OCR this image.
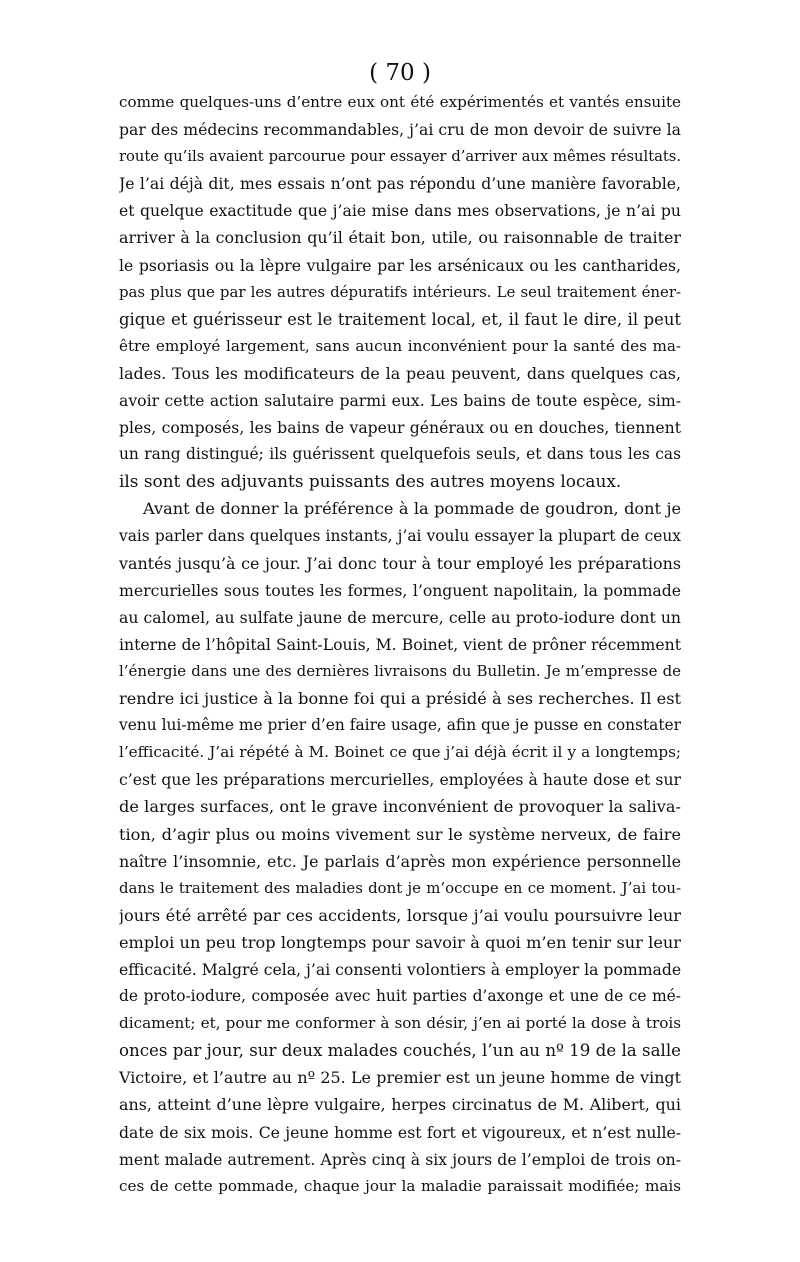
( 70 )
comme quelques-uns d’entre eux ont été expérimentés et vantés ensuite
par des médecins recommandables, j’ai cru de mon devoir de suivre la
route qu’ils avaient parcourue pour essayer d’arriver aux mêmes résultats.
Je l’ai déjà dit, mes essais n’ont pas répondu d’une manière favorable,
et quelque exactitude que j’aie mise dans mes observations, je n’ai pu
arriver à la conclusion qu’il était bon, utile, ou raisonnable de traiter
le psoriasis ou la lèpre vulgaire par les arsénicaux ou les cantharides,
pas plus que par les autres dépuratifs intérieurs. Le seul traitement éner-
gique et guérisseur est le traitement local, et, il faut le dire, il peut
être employé largement, sans aucun inconvénient pour la santé des ma-
lades. Tous les modificateurs de la peau peuvent, dans quelques cas,
avoir cette action salutaire parmi eux. Les bains de toute espèce, sim-
ples, composés, les bains de vapeur généraux ou en douches, tiennent
un rang distingué; ils guérissent quelquefois seuls, et dans tous les cas
ils sont des adjuvants puissants des autres moyens locaux.
Avant de donner la préférence à la pommade de goudron, dont je
vais parler dans quelques instants, j’ai voulu essayer la plupart de ceux
vantés jusqu’à ce jour. J’ai donc tour à tour employé les préparations
mercurielles sous toutes les formes, l’onguent napolitain, la pommade
au calomel, au sulfate jaune de mercure, celle au proto-iodure dont un
interne de l’hôpital Saint-Louis, M. Boinet, vient de prôner récemment
l’énergie dans une des dernières livraisons du Bulletin. Je m’empresse de
rendre ici justice à la bonne foi qui a présidé à ses recherches. Il est
venu lui-même me prier d’en faire usage, afin que je pusse en constater
l’efficacité. J’ai répété à M. Boinet ce que j’ai déjà écrit il y a longtemps;
c’est que les préparations mercurielles, employées à haute dose et sur
de larges surfaces, ont le grave inconvénient de provoquer la saliva-
tion, d’agir plus ou moins vivement sur le système nerveux, de faire
naître l’insomnie, etc. Je parlais d’après mon expérience personnelle
dans le traitement des maladies dont je m’occupe en ce moment. J’ai tou-
jours été arrêté par ces accidents, lorsque j’ai voulu poursuivre leur
emploi un peu trop longtemps pour savoir à quoi m’en tenir sur leur
efficacité. Malgré cela, j’ai consenti volontiers à employer la pommade
de proto-iodure, composée avec huit parties d’axonge et une de ce mé-
dicament; et, pour me conformer à son désir, j’en ai porté la dose à trois
onces par jour, sur deux malades couchés, l’un au nº 19 de la salle
Victoire, et l’autre au nº 25. Le premier est un jeune homme de vingt
ans, atteint d’une lèpre vulgaire, herpes circinatus de M. Alibert, qui
date de six mois. Ce jeune homme est fort et vigoureux, et n’est nulle-
ment malade autrement. Après cinq à six jours de l’emploi de trois on-
ces de cette pommade, chaque jour la maladie paraissait modifiée; mais
